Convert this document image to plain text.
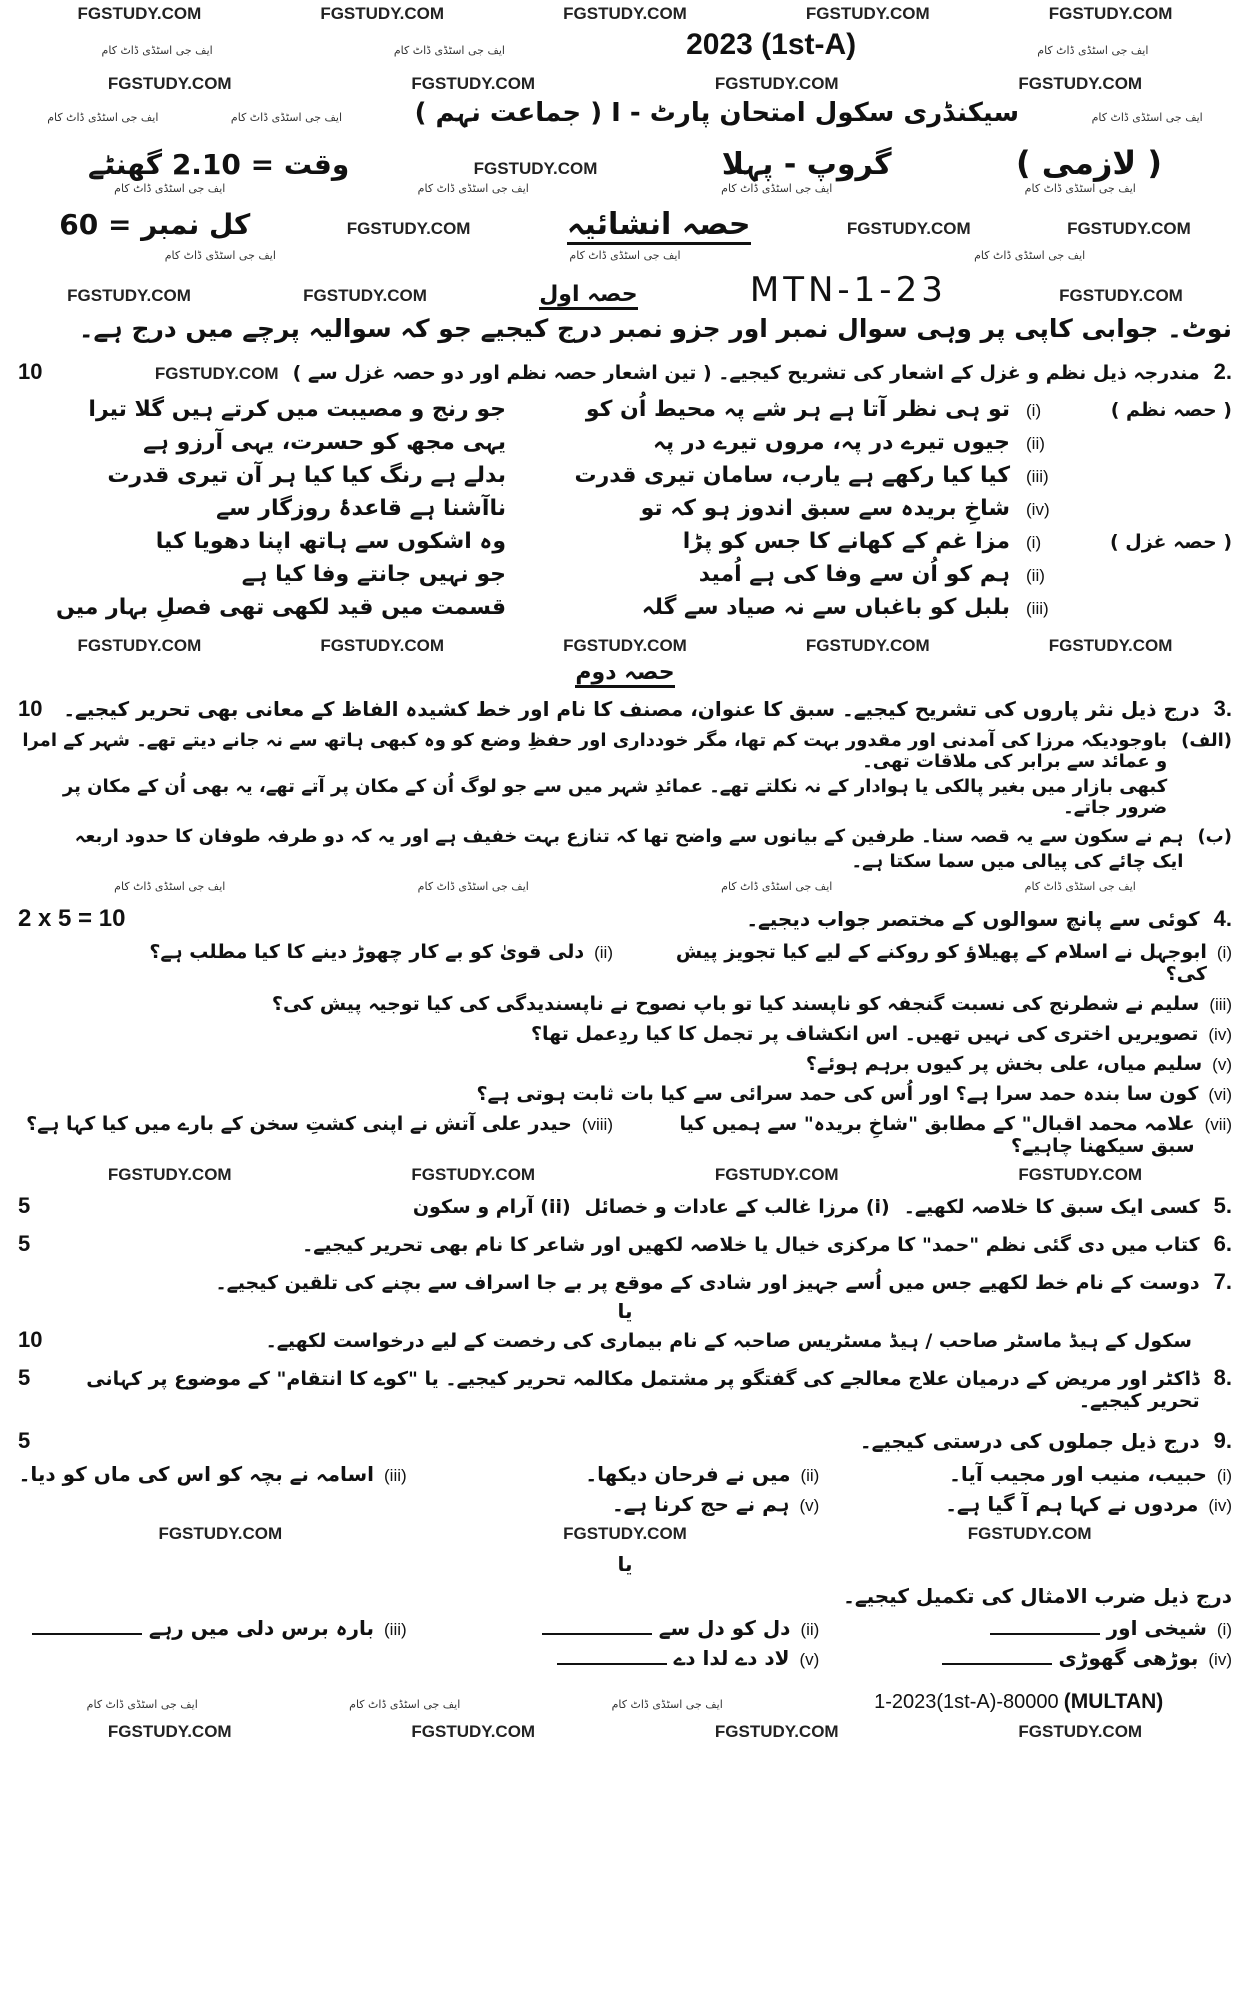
FGSTUDY.COM	FGSTUDY.COM	FGSTUDY.COM	FGSTUDY.COM	FGSTUDY.COM
ایف جی اسٹڈی ڈاٹ کام	ایف جی اسٹڈی ڈاٹ کام	2023 (1st-A)	ایف جی اسٹڈی ڈاٹ کام
FGSTUDY.COM	FGSTUDY.COM	FGSTUDY.COM	FGSTUDY.COM
ایف جی اسٹڈی ڈاٹ کام	ایف جی اسٹڈی ڈاٹ کام	سیکنڈری سکول امتحان پارٹ - I ( جماعت نہم )	ایف جی اسٹڈی ڈاٹ کام
( لازمی )
گروپ - پہلا
FGSTUDY.COM
وقت = 2.10 گھنٹے
ایف جی اسٹڈی ڈاٹ کام	ایف جی اسٹڈی ڈاٹ کام	ایف جی اسٹڈی ڈاٹ کام	ایف جی اسٹڈی ڈاٹ کام
FGSTUDY.COM
FGSTUDY.COM
حصہ انشائیہ
FGSTUDY.COM
کل نمبر = 60
ایف جی اسٹڈی ڈاٹ کام	ایف جی اسٹڈی ڈاٹ کام	ایف جی اسٹڈی ڈاٹ کام
FGSTUDY.COM
MTN-1-23
حصہ اول
FGSTUDY.COM
FGSTUDY.COM
نوٹ۔ جوابی کاپی پر وہی سوال نمبر اور جزو نمبر درج کیجیے جو کہ سوالیہ پرچے میں درج ہے۔
2.
مندرجہ ذیل نظم و غزل کے اشعار کی تشریح کیجیے۔ ( تین اشعار حصہ نظم اور دو حصہ غزل سے )
FGSTUDY.COM
10
( حصہ نظم )
(i)
تو ہی نظر آتا ہے ہر شے پہ محیط اُن کو
جو رنج و مصیبت میں کرتے ہیں گلا تیرا
(ii)
جیوں تیرے در پہ، مروں تیرے در پہ
یہی مجھ کو حسرت، یہی آرزو ہے
(iii)
کیا کیا رکھے ہے یارب، سامان تیری قدرت
بدلے ہے رنگ کیا کیا ہر آن تیری قدرت
(iv)
شاخِ بریدہ سے سبق اندوز ہو کہ تو
ناآشنا ہے قاعدۂ روزگار سے
( حصہ غزل )
(i)
مزا غم کے کھانے کا جس کو پڑا
وہ اشکوں سے ہاتھ اپنا دھویا کیا
(ii)
ہم کو اُن سے وفا کی ہے اُمید
جو نہیں جانتے وفا کیا ہے
(iii)
بلبل کو باغباں سے نہ صیاد سے گلہ
قسمت میں قید لکھی تھی فصلِ بہار میں
FGSTUDY.COM	FGSTUDY.COM	FGSTUDY.COM	FGSTUDY.COM	FGSTUDY.COM
حصہ دوم
3.
درج ذیل نثر پاروں کی تشریح کیجیے۔ سبق کا عنوان، مصنف کا نام اور خط کشیدہ الفاظ کے معانی بھی تحریر کیجیے۔
10
(الف)
باوجودیکہ مرزا کی آمدنی اور مقدور بہت کم تھا، مگر خودداری اور حفظِ وضع کو وہ کبھی ہاتھ سے نہ جانے دیتے تھے۔ شہر کے امرا و عمائد سے برابر کی ملاقات تھی۔
کبھی بازار میں بغیر پالکی یا ہوادار کے نہ نکلتے تھے۔ عمائدِ شہر میں سے جو لوگ اُن کے مکان پر آتے تھے، یہ بھی اُن کے مکان پر ضرور جاتے۔
(ب)
ہم نے سکون سے یہ قصہ سنا۔ طرفین کے بیانوں سے واضح تھا کہ تنازع بہت خفیف ہے اور یہ کہ دو طرفہ طوفان کا حدود اربعہ
ایک چائے کی پیالی میں سما سکتا ہے۔
ایف جی اسٹڈی ڈاٹ کام	ایف جی اسٹڈی ڈاٹ کام	ایف جی اسٹڈی ڈاٹ کام	ایف جی اسٹڈی ڈاٹ کام
4.
کوئی سے پانچ سوالوں کے مختصر جواب دیجیے۔
2 x 5 = 10
(i)
ابوجہل نے اسلام کے پھیلاؤ کو روکنے کے لیے کیا تجویز پیش کی؟
(ii)
دلی قویٰ کو بے کار چھوڑ دینے کا کیا مطلب ہے؟
(iii)
سلیم نے شطرنج کی نسبت گنجفہ کو ناپسند کیا تو باپ نصوح نے ناپسندیدگی کی کیا توجیہ پیش کی؟
(iv)
تصویریں اختری کی نہیں تھیں۔ اس انکشاف پر تجمل کا کیا ردِعمل تھا؟
(v)
سلیم میاں، علی بخش پر کیوں برہم ہوئے؟
(vi)
کون سا بندہ حمد سرا ہے؟ اور اُس کی حمد سرائی سے کیا بات ثابت ہوتی ہے؟
(vii)
علامہ محمد اقبال" کے مطابق "شاخِ بریدہ" سے ہمیں کیا سبق سیکھنا چاہیے؟
(viii)
حیدر علی آتش نے اپنی کشتِ سخن کے بارے میں کیا کہا ہے؟
FGSTUDY.COM	FGSTUDY.COM	FGSTUDY.COM	FGSTUDY.COM
5.
کسی ایک سبق کا خلاصہ لکھیے۔
(i) مرزا غالب کے عادات و خصائل
(ii) آرام و سکون
5
6.
کتاب میں دی گئی نظم "حمد" کا مرکزی خیال یا خلاصہ لکھیں اور شاعر کا نام بھی تحریر کیجیے۔
5
7.
دوست کے نام خط لکھیے جس میں اُسے جہیز اور شادی کے موقع پر بے جا اسراف سے بچنے کی تلقین کیجیے۔
یا
سکول کے ہیڈ ماسٹر صاحب / ہیڈ مسٹریس صاحبہ کے نام بیماری کی رخصت کے لیے درخواست لکھیے۔
10
8.
ڈاکٹر اور مریض کے درمیان علاج معالجے کی گفتگو پر مشتمل مکالمہ تحریر کیجیے۔ یا "کوے کا انتقام" کے موضوع پر کہانی تحریر کیجیے۔
5
9.
درج ذیل جملوں کی درستی کیجیے۔
5
(i)
حبیب، منیب اور مجیب آیا۔
(ii)
میں نے فرحان دیکھا۔
(iii)
اسامہ نے بچہ کو اس کی ماں کو دیا۔
(iv)
مردوں نے کہا ہم آ گیا ہے۔
(v)
ہم نے حج کرنا ہے۔
FGSTUDY.COM	FGSTUDY.COM	FGSTUDY.COM
یا
درج ذیل ضرب الامثال کی تکمیل کیجیے۔
(i)
شیخی اور
(ii)
دل کو دل سے
(iii)
بارہ برس دلی میں رہے
(iv)
بوڑھی گھوڑی
(v)
لاد دے لدا دے
ایف جی اسٹڈی ڈاٹ کام	ایف جی اسٹڈی ڈاٹ کام	ایف جی اسٹڈی ڈاٹ کام	1-2023(1st-A)-80000 (MULTAN)
FGSTUDY.COM	FGSTUDY.COM	FGSTUDY.COM	FGSTUDY.COM
